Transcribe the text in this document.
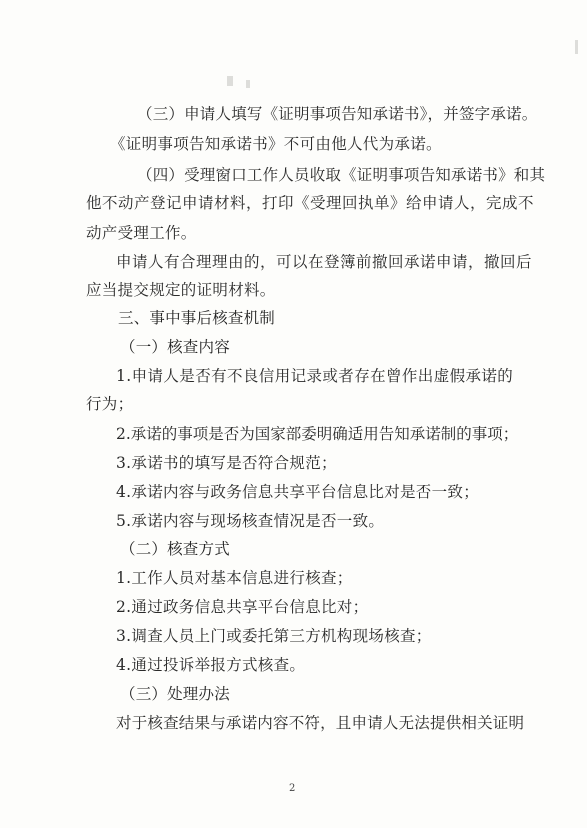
（三）申请人填写《证明事项告知承诺书》，并签字承诺。
《证明事项告知承诺书》不可由他人代为承诺。
（四）受理窗口工作人员收取《证明事项告知承诺书》和其
他不动产登记申请材料，打印《受理回执单》给申请人，完成不
动产受理工作。
申请人有合理理由的，可以在登簿前撤回承诺申请，撤回后
应当提交规定的证明材料。
三、事中事后核查机制
（一）核查内容
1.申请人是否有不良信用记录或者存在曾作出虚假承诺的
行为；
2.承诺的事项是否为国家部委明确适用告知承诺制的事项；
3.承诺书的填写是否符合规范；
4.承诺内容与政务信息共享平台信息比对是否一致；
5.承诺内容与现场核查情况是否一致。
（二）核查方式
1.工作人员对基本信息进行核查；
2.通过政务信息共享平台信息比对；
3.调查人员上门或委托第三方机构现场核查；
4.通过投诉举报方式核查。
（三）处理办法
对于核查结果与承诺内容不符，且申请人无法提供相关证明
2
